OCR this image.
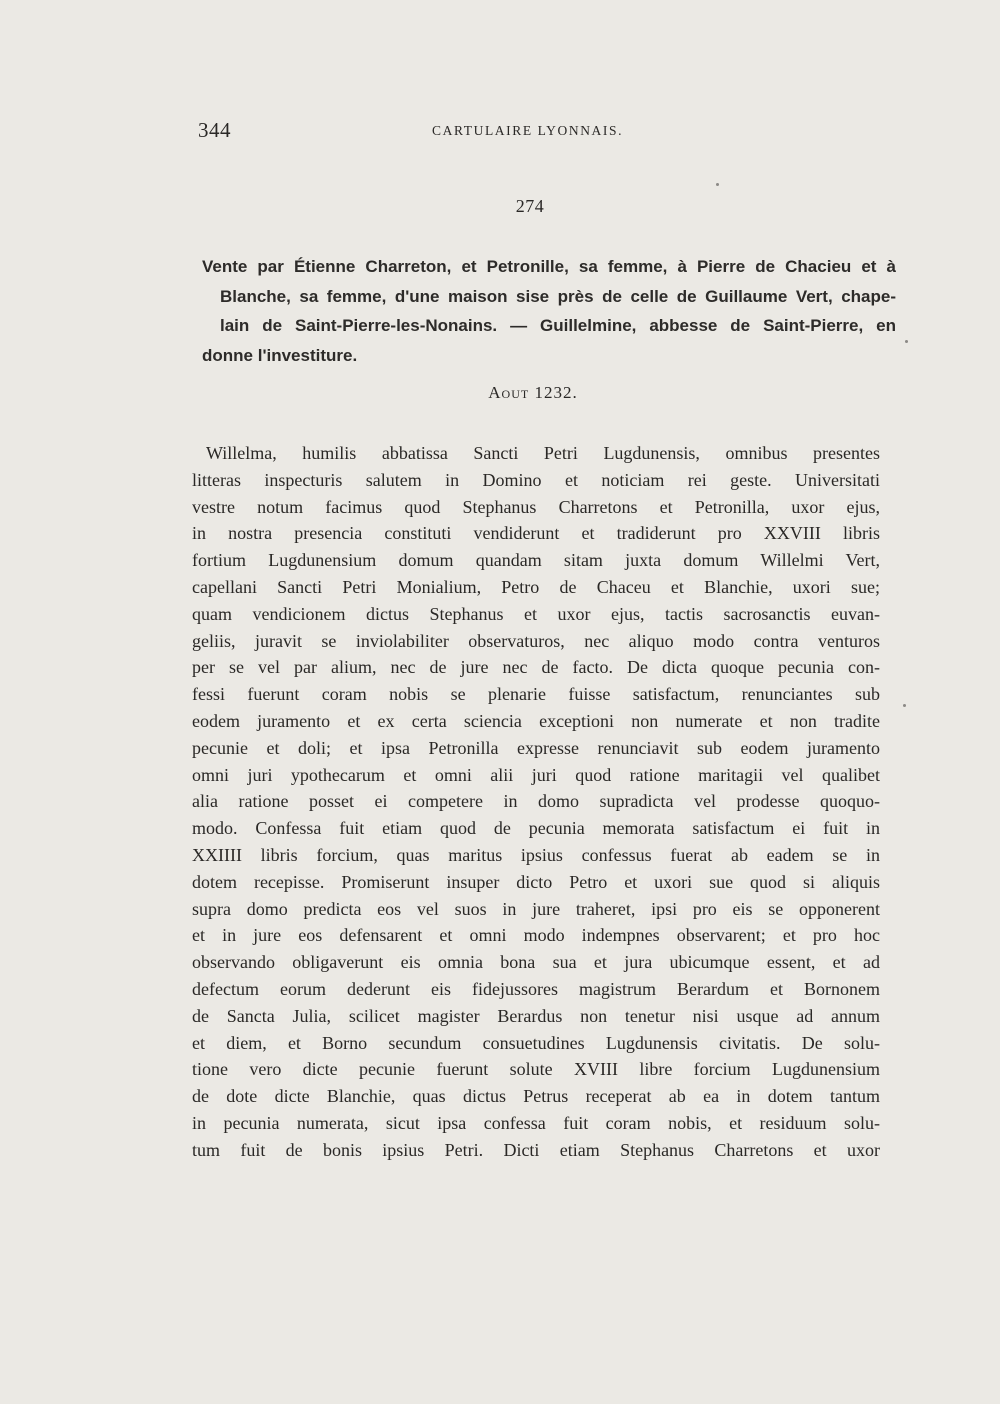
344	CARTULAIRE LYONNAIS.
274
Vente par Étienne Charreton, et Petronille, sa femme, à Pierre de Chacieu et à
Blanche, sa femme, d'une maison sise près de celle de Guillaume Vert, chape-
lain de Saint-Pierre-les-Nonains. — Guillelmine, abbesse de Saint-Pierre, en
donne l'investiture.
Aout 1232.
Willelma, humilis abbatissa Sancti Petri Lugdunensis, omnibus presentes
litteras inspecturis salutem in Domino et noticiam rei geste. Universitati
vestre notum facimus quod Stephanus Charretons et Petronilla, uxor ejus,
in nostra presencia constituti vendiderunt et tradiderunt pro XXVIII libris
fortium Lugdunensium domum quandam sitam juxta domum Willelmi Vert,
capellani Sancti Petri Monialium, Petro de Chaceu et Blanchie, uxori sue;
quam vendicionem dictus Stephanus et uxor ejus, tactis sacrosanctis euvan-
geliis, juravit se inviolabiliter observaturos, nec aliquo modo contra venturos
per se vel par alium, nec de jure nec de facto. De dicta quoque pecunia con-
fessi fuerunt coram nobis se plenarie fuisse satisfactum, renunciantes sub
eodem juramento et ex certa sciencia exceptioni non numerate et non tradite
pecunie et doli; et ipsa Petronilla expresse renunciavit sub eodem juramento
omni juri ypothecarum et omni alii juri quod ratione maritagii vel qualibet
alia ratione posset ei competere in domo supradicta vel prodesse quoquo-
modo. Confessa fuit etiam quod de pecunia memorata satisfactum ei fuit in
XXIIII libris forcium, quas maritus ipsius confessus fuerat ab eadem se in
dotem recepisse. Promiserunt insuper dicto Petro et uxori sue quod si aliquis
supra domo predicta eos vel suos in jure traheret, ipsi pro eis se opponerent
et in jure eos defensarent et omni modo indempnes observarent; et pro hoc
observando obligaverunt eis omnia bona sua et jura ubicumque essent, et ad
defectum eorum dederunt eis fidejussores magistrum Berardum et Bornonem
de Sancta Julia, scilicet magister Berardus non tenetur nisi usque ad annum
et diem, et Borno secundum consuetudines Lugdunensis civitatis. De solu-
tione vero dicte pecunie fuerunt solute XVIII libre forcium Lugdunensium
de dote dicte Blanchie, quas dictus Petrus receperat ab ea in dotem tantum
in pecunia numerata, sicut ipsa confessa fuit coram nobis, et residuum solu-
tum fuit de bonis ipsius Petri. Dicti etiam Stephanus Charretons et uxor
